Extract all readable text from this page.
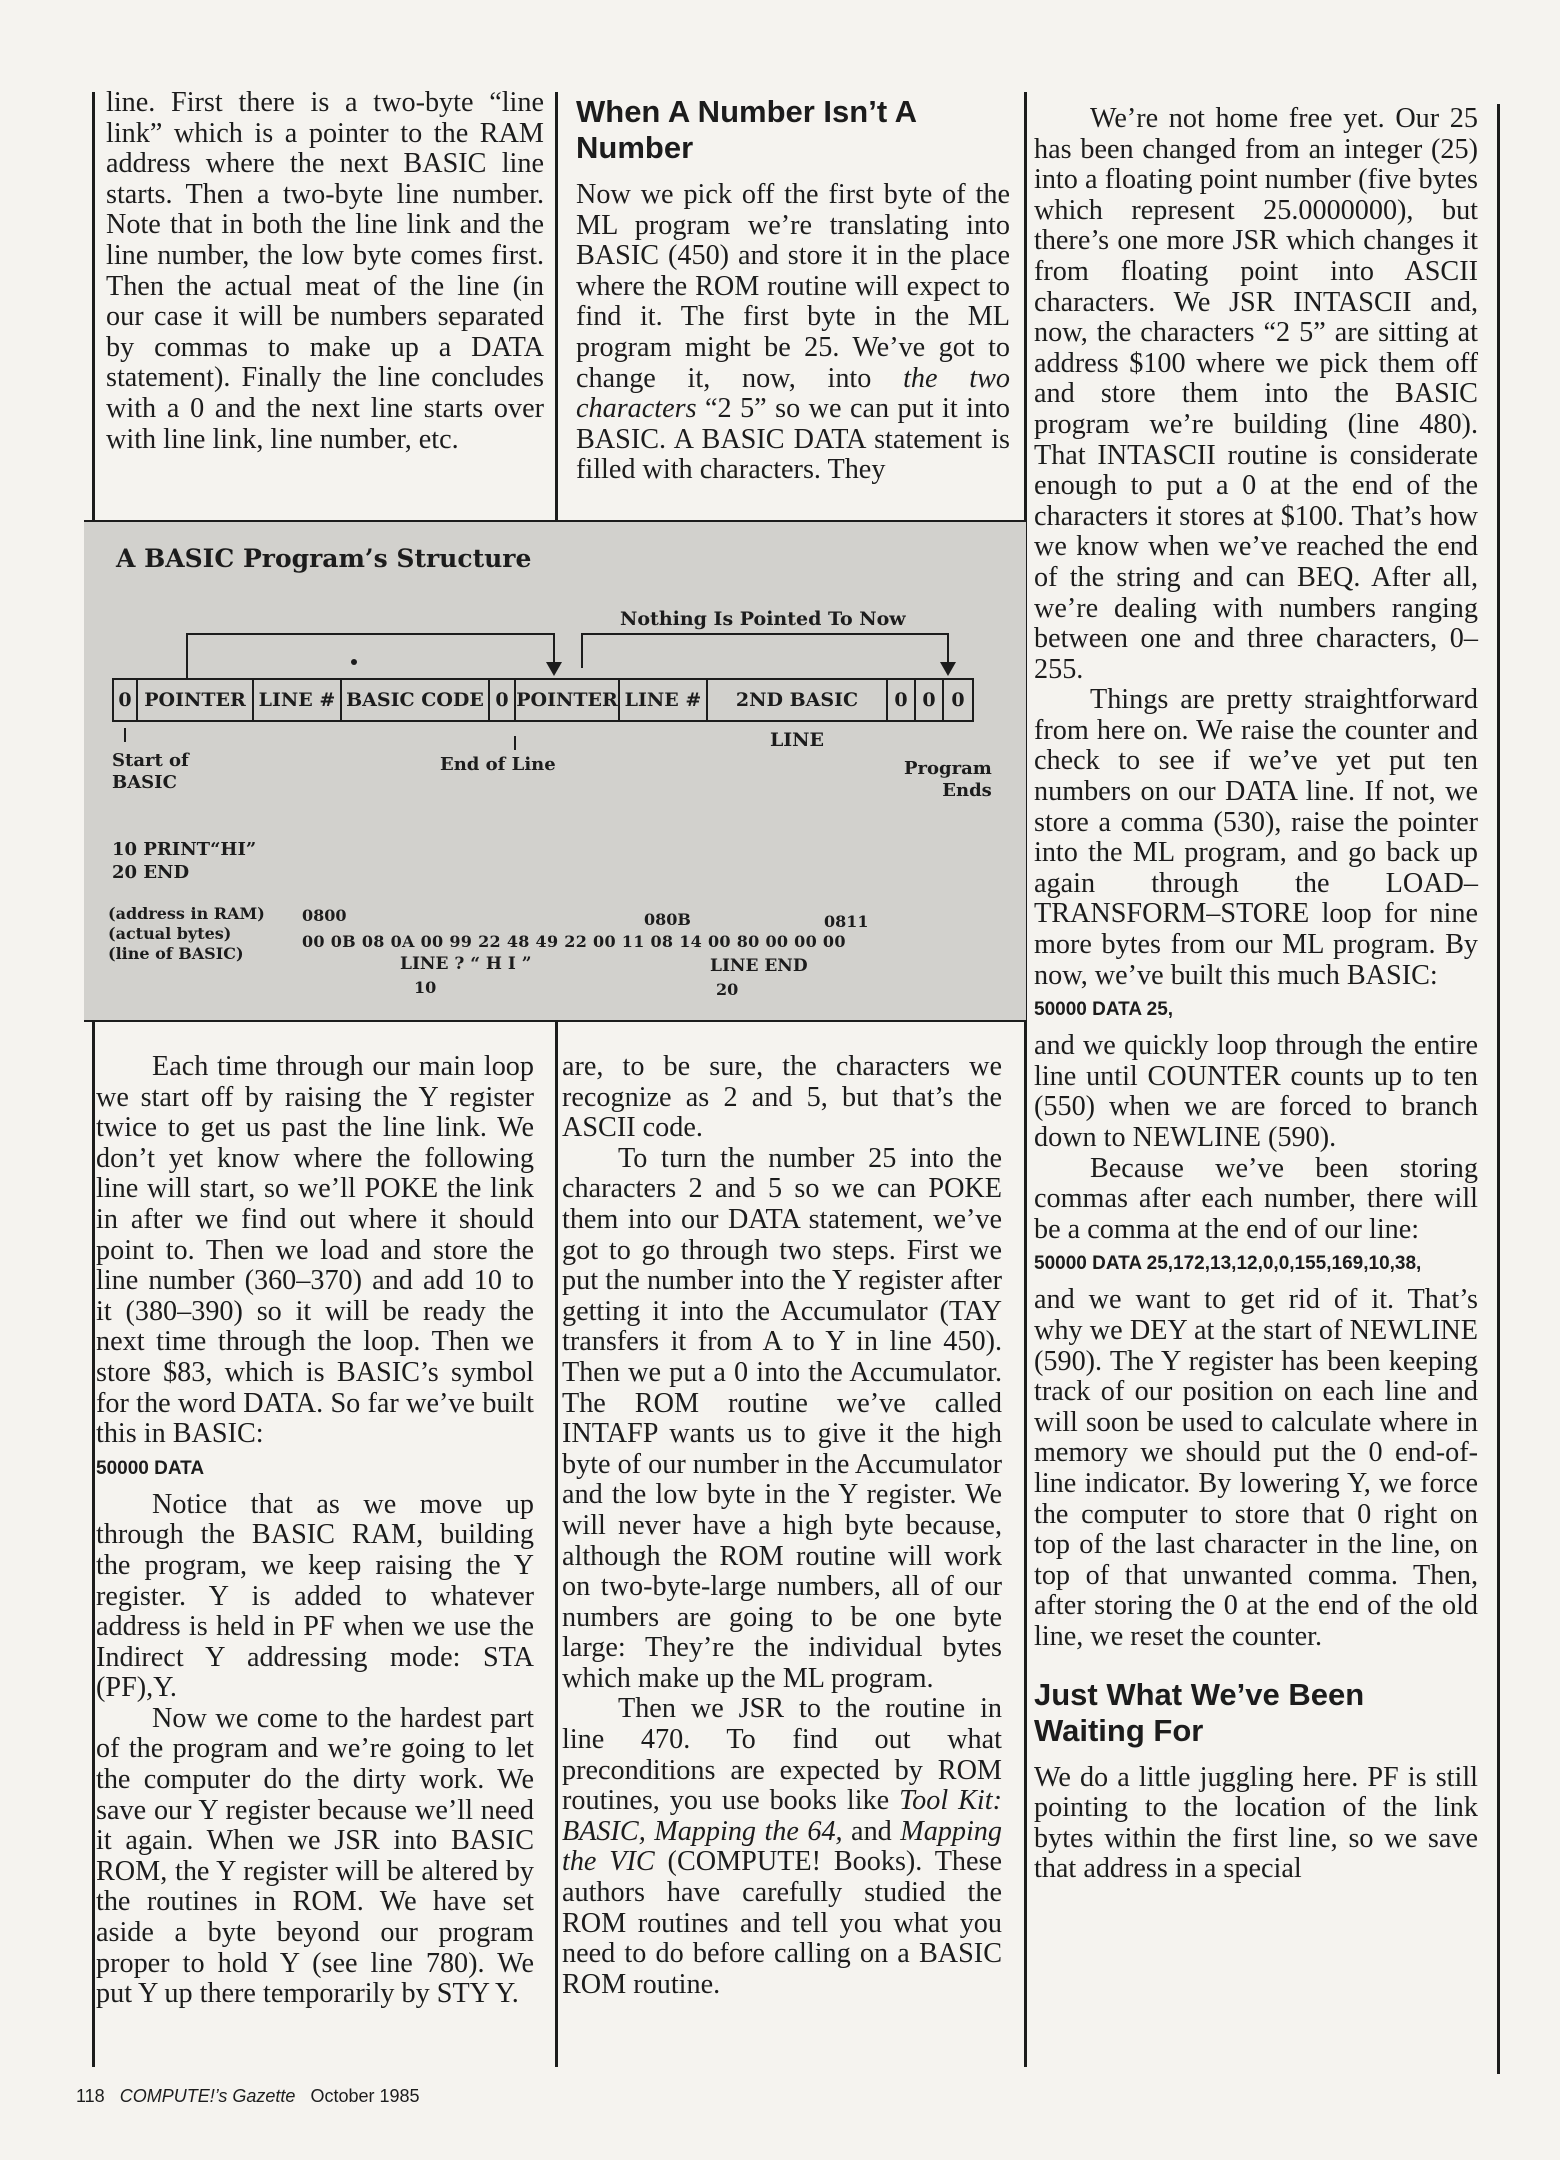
line. First there is a two-byte “line link” which is a pointer to the RAM address where the next BASIC line starts. Then a two-byte line number. Note that in both the line link and the line number, the low byte comes first. Then the actual meat of the line (in our case it will be numbers separated by commas to make up a DATA statement). Finally the line concludes with a 0 and the next line starts over with line link, line number, etc.

Each time through our main loop we start off by raising the Y register twice to get us past the line link. We don’t yet know where the following line will start, so we’ll POKE the link in after we find out where it should point to. Then we load and store the line number (360–370) and add 10 to it (380–390) so it will be ready the next time through the loop. Then we store $83, which is BASIC’s symbol for the word DATA. So far we’ve built this in BASIC:

50000 DATA

Notice that as we move up through the BASIC RAM, building the program, we keep raising the Y register. Y is added to whatever address is held in PF when we use the Indirect Y addressing mode: STA (PF),Y.

Now we come to the hardest part of the program and we’re going to let the computer do the dirty work. We save our Y register because we’ll need it again. When we JSR into BASIC ROM, the Y register will be altered by the routines in ROM. We have set aside a byte beyond our program proper to hold Y (see line 780). We put Y up there temporarily by STY Y.

When A Number Isn’t A Number

Now we pick off the first byte of the ML program we’re translating into BASIC (450) and store it in the place where the ROM routine will expect to find it. The first byte in the ML program might be 25. We’ve got to change it, now, into the two characters “2 5” so we can put it into BASIC. A BASIC DATA statement is filled with characters. They

are, to be sure, the characters we recognize as 2 and 5, but that’s the ASCII code.

To turn the number 25 into the characters 2 and 5 so we can POKE them into our DATA statement, we’ve got to go through two steps. First we put the number into the Y register after getting it into the Accumulator (TAY transfers it from A to Y in line 450). Then we put a 0 into the Accumulator. The ROM routine we’ve called INTAFP wants us to give it the high byte of our number in the Accumulator and the low byte in the Y register. We will never have a high byte because, although the ROM routine will work on two-byte-large numbers, all of our numbers are going to be one byte large: They’re the individual bytes which make up the ML program.

Then we JSR to the routine in line 470. To find out what preconditions are expected by ROM routines, you use books like Tool Kit: BASIC, Mapping the 64, and Mapping the VIC (COMPUTE! Books). These authors have carefully studied the ROM routines and tell you what you need to do before calling on a BASIC ROM routine.

We’re not home free yet. Our 25 has been changed from an integer (25) into a floating point number (five bytes which represent 25.0000000), but there’s one more JSR which changes it from floating point into ASCII characters. We JSR INTASCII and, now, the characters “2 5” are sitting at address $100 where we pick them off and store them into the BASIC program we’re building (line 480). That INTASCII routine is considerate enough to put a 0 at the end of the characters it stores at $100. That’s how we know when we’ve reached the end of the string and can BEQ. After all, we’re dealing with numbers ranging between one and three characters, 0–255.

Things are pretty straightforward from here on. We raise the counter and check to see if we’ve yet put ten numbers on our DATA line. If not, we store a comma (530), raise the pointer into the ML program, and go back up again through the LOAD–TRANSFORM–STORE loop for nine more bytes from our ML program. By now, we’ve built this much BASIC:

50000 DATA 25,

and we quickly loop through the entire line until COUNTER counts up to ten (550) when we are forced to branch down to NEWLINE (590).

Because we’ve been storing commas after each number, there will be a comma at the end of our line:

50000 DATA 25,172,13,12,0,0,155,169,10,38,

and we want to get rid of it. That’s why we DEY at the start of NEWLINE (590). The Y register has been keeping track of our position on each line and will soon be used to calculate where in memory we should put the 0 end-of-line indicator. By lowering Y, we force the computer to store that 0 right on top of the last character in the line, on top of that unwanted comma. Then, after storing the 0 at the end of the old line, we reset the counter.

Just What We’ve Been Waiting For

We do a little juggling here. PF is still pointing to the location of the link bytes within the first line, so we save that address in a special

A BASIC Program’s Structure
Nothing Is Pointed To Now
0 POINTER LINE # BASIC CODE 0 POINTER LINE #	2ND BASIC LINE
0 0 0
Start of
BASIC
End of Line	Program
Ends
10 PRINT“HI”
20 END
(address in RAM)
(actual bytes)
(line of BASIC)
0800	080B	0811
00 0B 08 0A 00 99 22 48 49 22 00 11 08 14 00 80 00 00 00
LINE ? “ H I ”	LINE END
10	20
118 COMPUTE!’s Gazette October 1985
